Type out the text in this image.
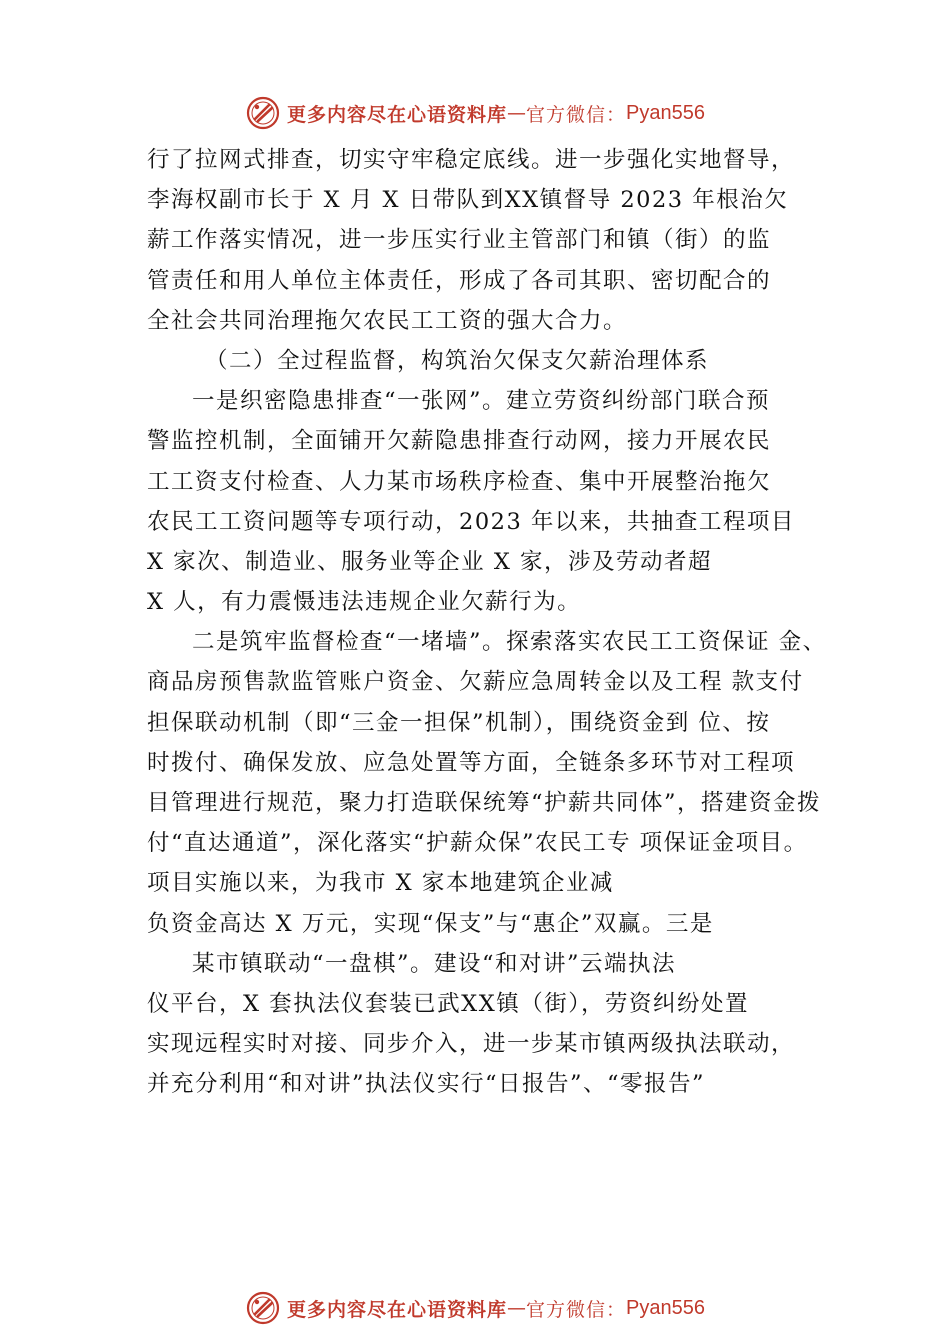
更多内容尽在心语资料库 — 官方微信： Pyan556
行了拉网式排查，切实守牢稳定底线。进一步强化实地督导，
李海权副市长于 X 月 X 日带队到XX镇督导 2023 年根治欠
薪工作落实情况，进一步压实行业主管部门和镇（街）的监
管责任和用人单位主体责任，形成了各司其职、密切配合的
全社会共同治理拖欠农民工工资的强大合力。
（二）全过程监督，构筑治欠保支欠薪治理体系
一是织密隐患排查“一张网”。建立劳资纠纷部门联合预
警监控机制，全面铺开欠薪隐患排查行动网，接力开展农民
工工资支付检查、人力某市场秩序检查、集中开展整治拖欠
农民工工资问题等专项行动，2023 年以来，共抽查工程项目
X 家次、制造业、服务业等企业 X 家，涉及劳动者超
X 人，有力震慑违法违规企业欠薪行为。
二是筑牢监督检查“一堵墙”。探索落实农民工工资保证 金、
商品房预售款监管账户资金、欠薪应急周转金以及工程 款支付
担保联动机制（即“三金一担保”机制），围绕资金到 位、按
时拨付、确保发放、应急处置等方面，全链条多环节对工程项
目管理进行规范，聚力打造联保统筹“护薪共同体”，搭建资金拨
付“直达通道”，深化落实“护薪众保”农民工专 项保证金项目。
项目实施以来，为我市 X 家本地建筑企业减
负资金高达 X 万元，实现“保支”与“惠企”双赢。三是
某市镇联动“一盘棋”。建设“和对讲”云端执法
仪平台，X 套执法仪套装已武XX镇（街），劳资纠纷处置
实现远程实时对接、同步介入，进一步某市镇两级执法联动，
并充分利用“和对讲”执法仪实行“日报告”、“零报告”
更多内容尽在心语资料库 — 官方微信： Pyan556
